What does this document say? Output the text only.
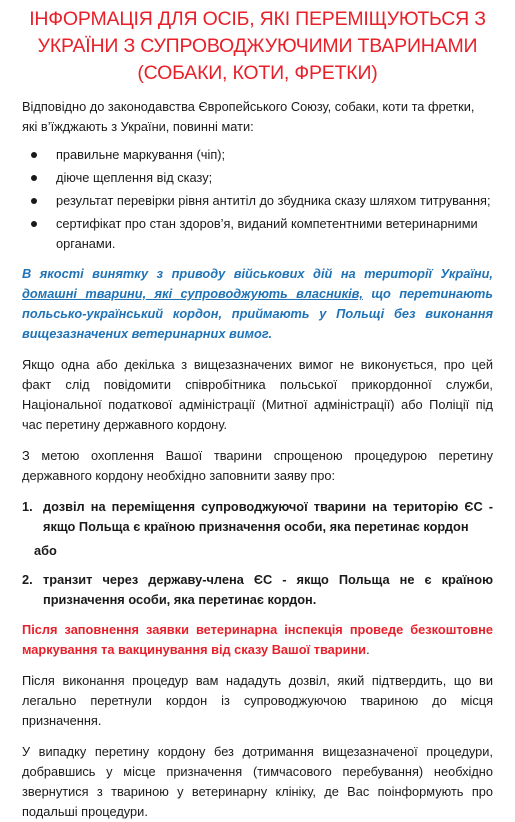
ІНФОРМАЦІЯ ДЛЯ ОСІБ, ЯКІ ПЕРЕМІЩУЮТЬСЯ З
УКРАЇНИ З СУПРОВОДЖУЮЧИМИ ТВАРИНАМИ
(СОБАКИ, КОТИ, ФРЕТКИ)

Відповідно до законодавства Європейського Союзу, собаки, коти та фретки, які в’їжджають з України, повинні мати:

правильне маркування (чіп);
діюче щеплення від сказу;
результат перевірки рівня антитіл до збудника сказу шляхом титрування;
сертифікат про стан здоров’я, виданий компетентними ветеринарними органами.

В якості винятку з приводу військових дій на території України, домашні тварини, які супроводжують власників, що перетинають польсько-український кордон, приймають у Польщі без виконання вищезазначених ветеринарних вимог.

Якщо одна або декілька з вищезазначених вимог не виконується, про цей факт слід повідомити співробітника польської прикордонної служби, Національної податкової адміністрації (Митної адміністрації) або Поліції під час перетину державного кордону.

З метою охоплення Вашої тварини спрощеною процедурою перетину державного кордону необхідно заповнити заяву про:

1. дозвіл на переміщення супроводжуючої тварини на територію ЄС - якщо Польща є країною призначення особи, яка перетинає кордон
або
2. транзит через державу-члена ЄС - якщо Польща не є країною призначення особи, яка перетинає кордон.

Після заповнення заявки ветеринарна інспекція проведе безкоштовне маркування та вакцинування від сказу Вашої тварини.

Після виконання процедур вам нададуть дозвіл, який підтвердить, що ви легально перетнули кордон із супроводжуючою твариною до місця призначення.

У випадку перетину кордону без дотримання вищезазначеної процедури, добравшись у місце призначення (тимчасового перебування) необхідно звернутися з твариною у ветеринарну клініку, де Вас поінформують про подальші процедури.
